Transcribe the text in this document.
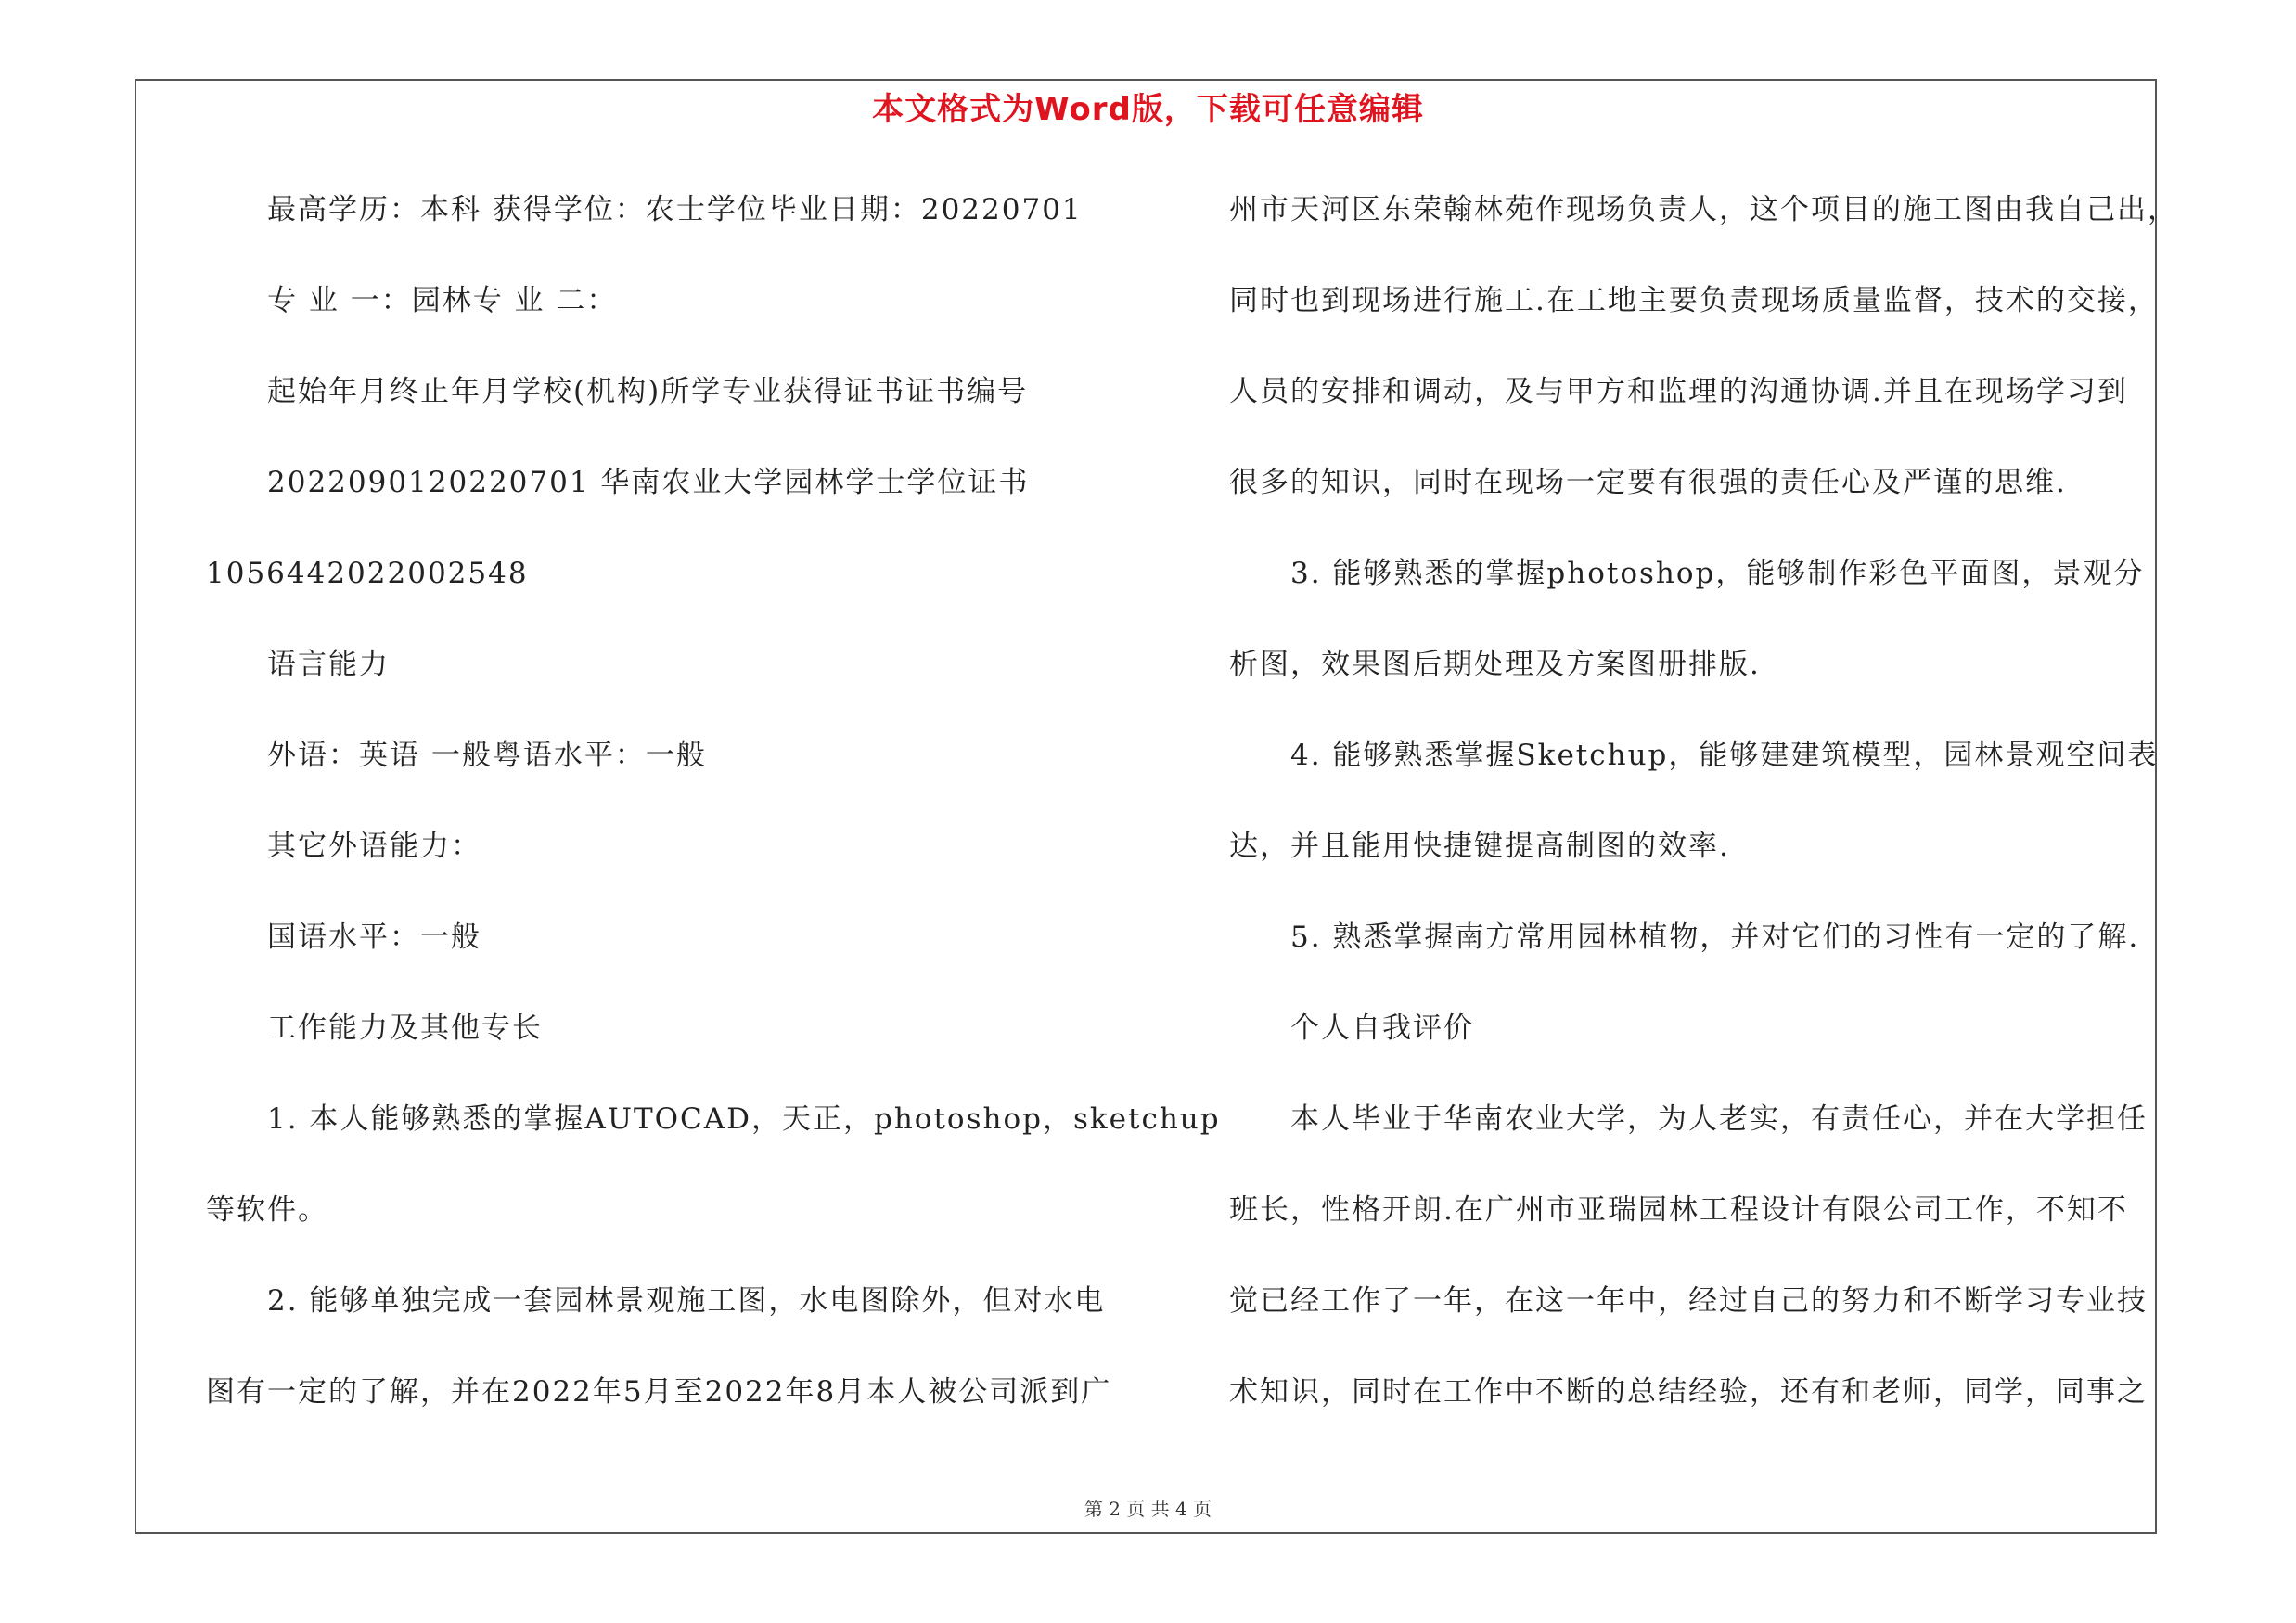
本文格式为Word版，下载可任意编辑
最高学历：本科 获得学位：农士学位毕业日期：20220701
专 业 一：园林专 业 二：
起始年月终止年月学校(机构)所学专业获得证书证书编号
2022090120220701 华南农业大学园林学士学位证书
1056442022002548
语言能力
外语：英语 一般粤语水平：一般
其它外语能力：
国语水平：一般
工作能力及其他专长
1. 本人能够熟悉的掌握AUTOCAD，天正，photoshop，sketchup
等软件。
2. 能够单独完成一套园林景观施工图，水电图除外，但对水电
图有一定的了解，并在2022年5月至2022年8月本人被公司派到广
州市天河区东荣翰林苑作现场负责人，这个项目的施工图由我自己出，
同时也到现场进行施工.在工地主要负责现场质量监督，技术的交接，
人员的安排和调动，及与甲方和监理的沟通协调.并且在现场学习到
很多的知识，同时在现场一定要有很强的责任心及严谨的思维.
3. 能够熟悉的掌握photoshop，能够制作彩色平面图，景观分
析图，效果图后期处理及方案图册排版.
4. 能够熟悉掌握Sketchup，能够建建筑模型，园林景观空间表
达，并且能用快捷键提高制图的效率.
5. 熟悉掌握南方常用园林植物，并对它们的习性有一定的了解.
个人自我评价
本人毕业于华南农业大学，为人老实，有责任心，并在大学担任
班长，性格开朗.在广州市亚瑞园林工程设计有限公司工作，不知不
觉已经工作了一年，在这一年中，经过自己的努力和不断学习专业技
术知识，同时在工作中不断的总结经验，还有和老师，同学，同事之
第 2 页 共 4 页
